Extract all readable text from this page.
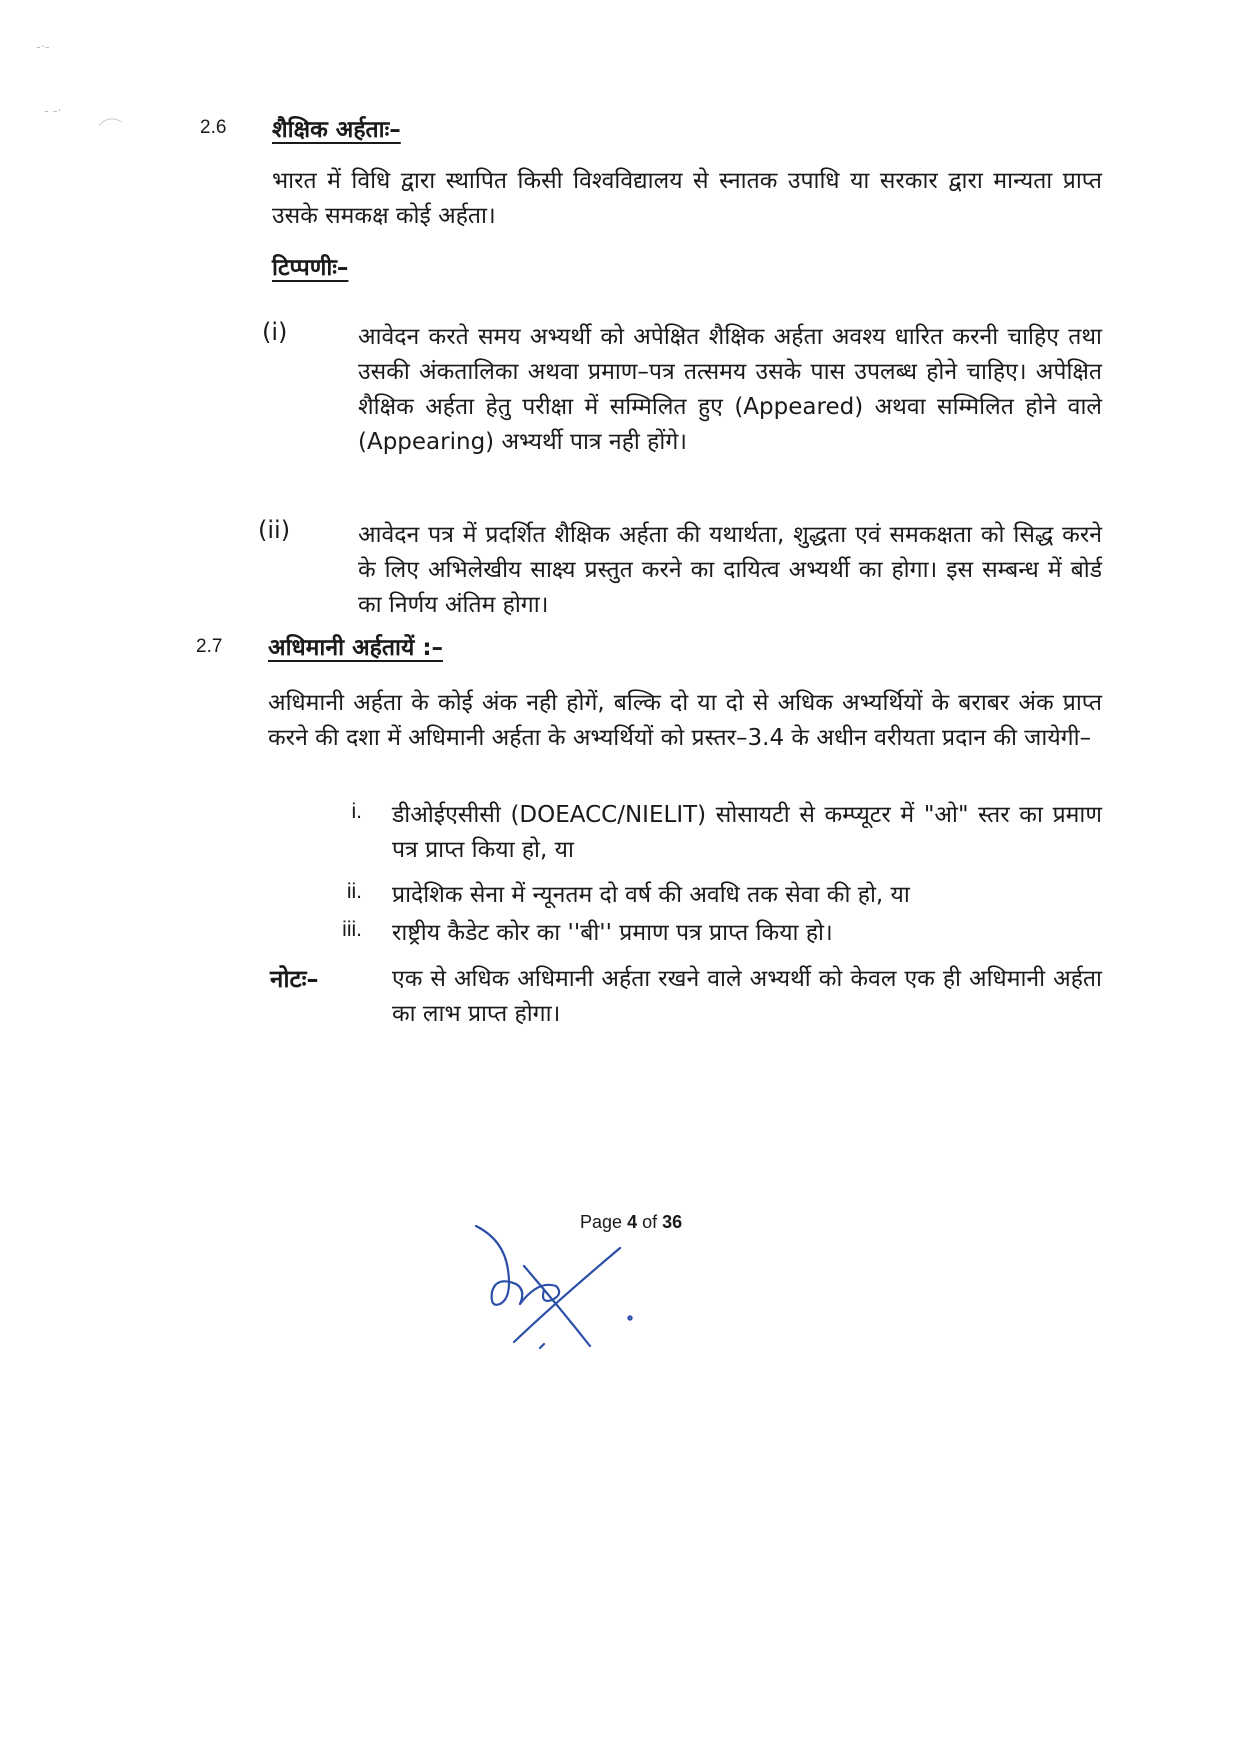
-·-
- -·
2.6 शैक्षिक अर्हताः–
भारत में विधि द्वारा स्थापित किसी विश्वविद्यालय से स्नातक उपाधि या सरकार द्वारा मान्यता प्राप्त उसके समकक्ष कोई अर्हता।
टिप्पणीः–
(i)	आवेदन करते समय अभ्यर्थी को अपेक्षित शैक्षिक अर्हता अवश्य धारित करनी चाहिए तथा उसकी अंकतालिका अथवा प्रमाण–पत्र तत्समय उसके पास उपलब्ध होने चाहिए। अपेक्षित शैक्षिक अर्हता हेतु परीक्षा में सम्मिलित हुए (Appeared) अथवा सम्मिलित होने वाले (Appearing) अभ्यर्थी पात्र नही होंगे।
(ii)	आवेदन पत्र में प्रदर्शित शैक्षिक अर्हता की यथार्थता, शुद्धता एवं समकक्षता को सिद्ध करने के लिए अभिलेखीय साक्ष्य प्रस्तुत करने का दायित्व अभ्यर्थी का होगा। इस सम्बन्ध में बोर्ड का निर्णय अंतिम होगा।
2.7 अधिमानी अर्हतायें :–
अधिमानी अर्हता के कोई अंक नही होगें, बल्कि दो या दो से अधिक अभ्यर्थियों के बराबर अंक प्राप्त करने की दशा में अधिमानी अर्हता के अभ्यर्थियों को प्रस्तर–3.4 के अधीन वरीयता प्रदान की जायेगी–
i. डीओईएसीसी (DOEACC/NIELIT) सोसायटी से कम्प्यूटर में "ओ" स्तर का प्रमाण पत्र प्राप्त किया हो, या
ii. प्रादेशिक सेना में न्यूनतम दो वर्ष की अवधि तक सेवा की हो, या
iii. राष्ट्रीय कैडेट कोर का ''बी'' प्रमाण पत्र प्राप्त किया हो।
नोटः–	एक से अधिक अधिमानी अर्हता रखने वाले अभ्यर्थी को केवल एक ही अधिमानी अर्हता का लाभ प्राप्त होगा।
Page 4 of 36
